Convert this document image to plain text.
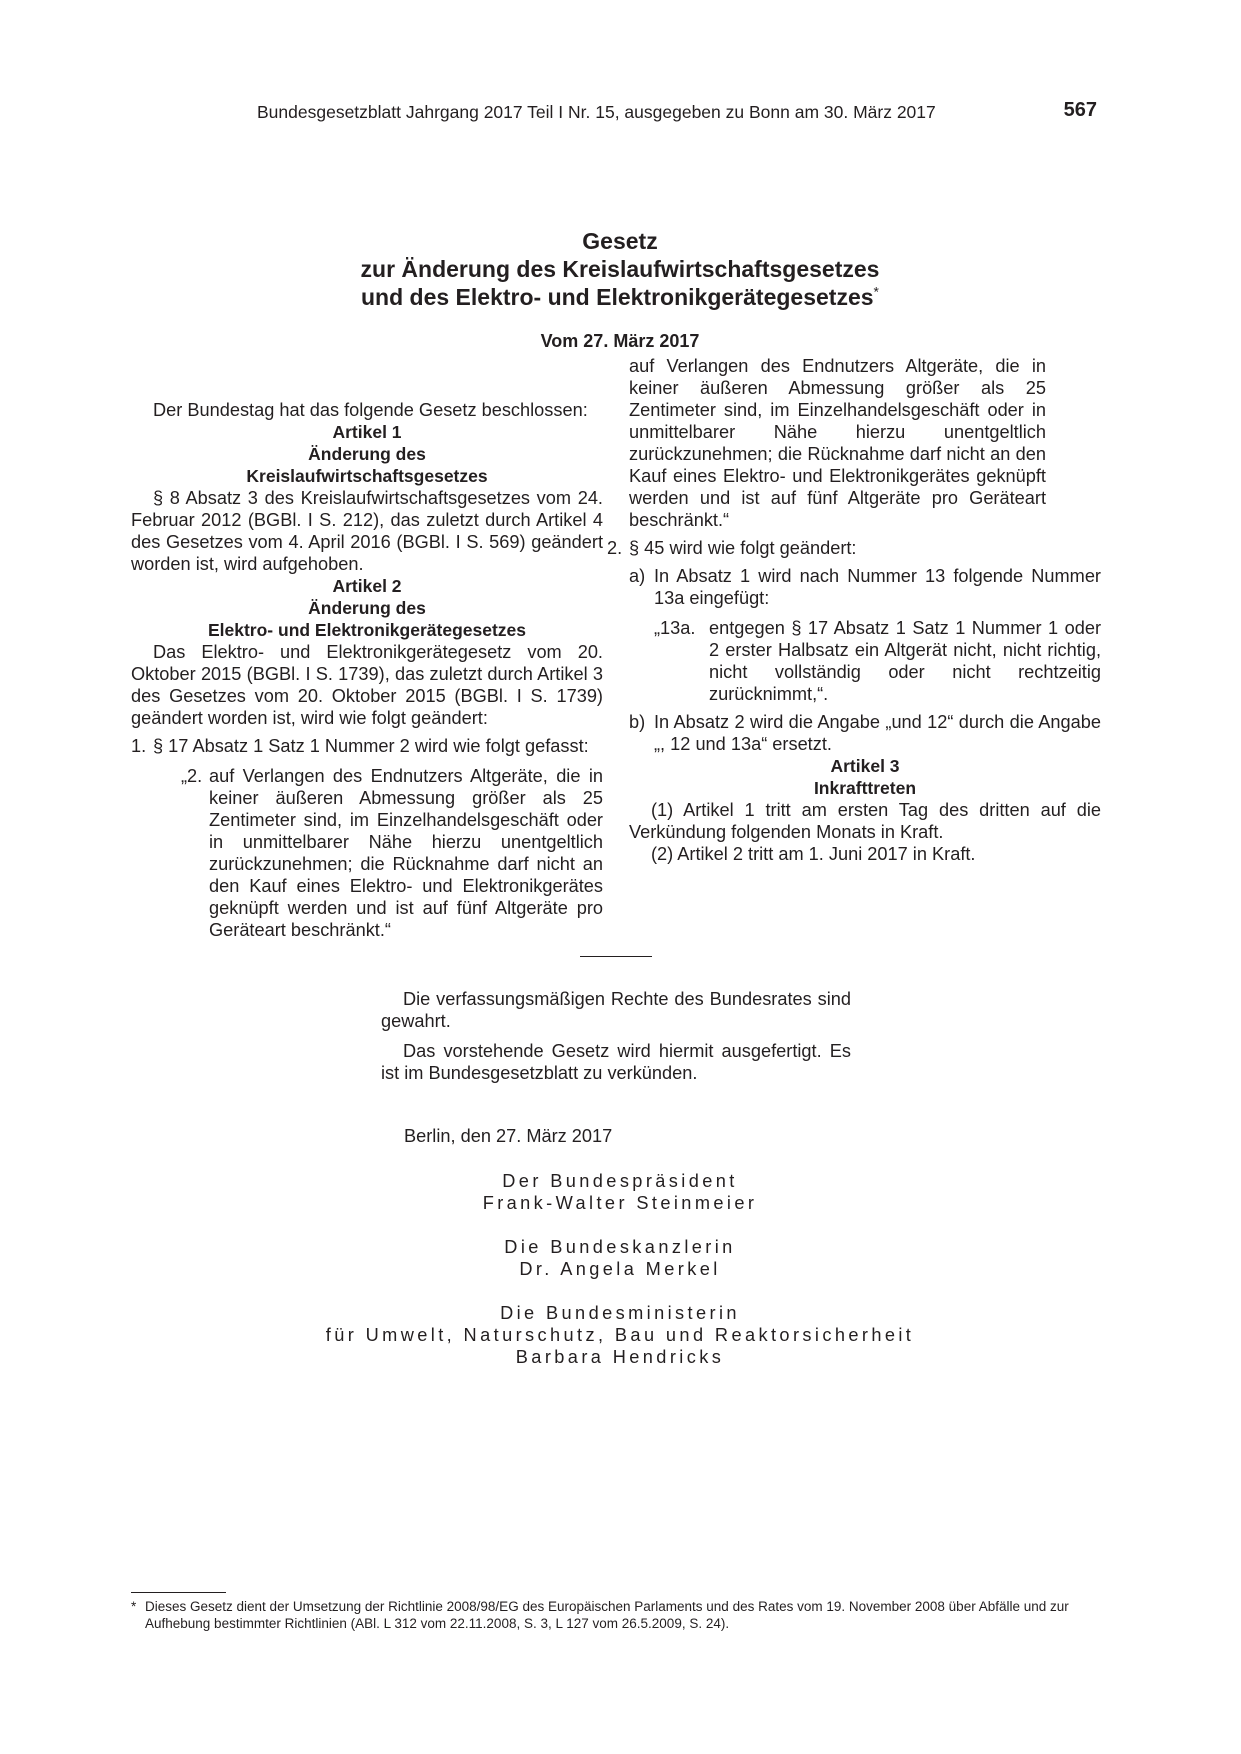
Bundesgesetzblatt Jahrgang 2017 Teil I Nr. 15, ausgegeben zu Bonn am 30. März 2017	567
Gesetz
zur Änderung des Kreislaufwirtschaftsgesetzes
und des Elektro- und Elektronikgerätegesetzes*
Vom 27. März 2017

Der Bundestag hat das folgende Gesetz beschlossen:

Artikel 1

Änderung des

Kreislaufwirtschaftsgesetzes

§ 8 Absatz 3 des Kreislaufwirtschaftsgesetzes vom 24. Februar 2012 (BGBl. I S. 212), das zuletzt durch Artikel 4 des Gesetzes vom 4. April 2016 (BGBl. I S. 569) geändert worden ist, wird aufgehoben.

Artikel 2

Änderung des

Elektro- und Elektronikgerätegesetzes

Das Elektro- und Elektronikgerätegesetz vom 20. Oktober 2015 (BGBl. I S. 1739), das zuletzt durch Artikel 3 des Gesetzes vom 20. Oktober 2015 (BGBl. I S. 1739) geändert worden ist, wird wie folgt geändert:

1. § 17 Absatz 1 Satz 1 Nummer 2 wird wie folgt gefasst:
„2. auf Verlangen des Endnutzers Altgeräte, die in keiner äußeren Abmessung größer als 25 Zentimeter sind, im Einzelhandelsgeschäft oder in unmittelbarer Nähe hierzu unentgeltlich zurückzunehmen; die Rücknahme darf nicht an den Kauf eines Elektro- und Elektronikgerätes geknüpft werden und ist auf fünf Altgeräte pro Geräteart beschränkt.“
auf Verlangen des Endnutzers Altgeräte, die in keiner äußeren Abmessung größer als 25 Zentimeter sind, im Einzelhandelsgeschäft oder in unmittelbarer Nähe hierzu unentgeltlich zurückzunehmen; die Rücknahme darf nicht an den Kauf eines Elektro- und Elektronikgerätes geknüpft werden und ist auf fünf Altgeräte pro Geräteart beschränkt.“
2. § 45 wird wie folgt geändert:
a) In Absatz 1 wird nach Nummer 13 folgende Nummer 13a eingefügt:
„13a. entgegen § 17 Absatz 1 Satz 1 Nummer 1 oder 2 erster Halbsatz ein Altgerät nicht, nicht richtig, nicht vollständig oder nicht rechtzeitig zurücknimmt,“.
b) In Absatz 2 wird die Angabe „und 12“ durch die Angabe „, 12 und 13a“ ersetzt.

Artikel 3

Inkrafttreten

(1) Artikel 1 tritt am ersten Tag des dritten auf die Verkündung folgenden Monats in Kraft.

(2) Artikel 2 tritt am 1. Juni 2017 in Kraft.

Die verfassungsmäßigen Rechte des Bundesrates sind gewahrt.

Das vorstehende Gesetz wird hiermit ausgefertigt. Es ist im Bundesgesetzblatt zu verkünden.

Berlin, den 27. März 2017
Der Bundespräsident
Frank-Walter Steinmeier
Die Bundeskanzlerin
Dr. Angela Merkel
Die Bundesministerin
für Umwelt, Naturschutz, Bau und Reaktorsicherheit
Barbara Hendricks
* Dieses Gesetz dient der Umsetzung der Richtlinie 2008/98/EG des Europäischen Parlaments und des Rates vom 19. November 2008 über Abfälle und zur Aufhebung bestimmter Richtlinien (ABl. L 312 vom 22.11.2008, S. 3, L 127 vom 26.5.2009, S. 24).
